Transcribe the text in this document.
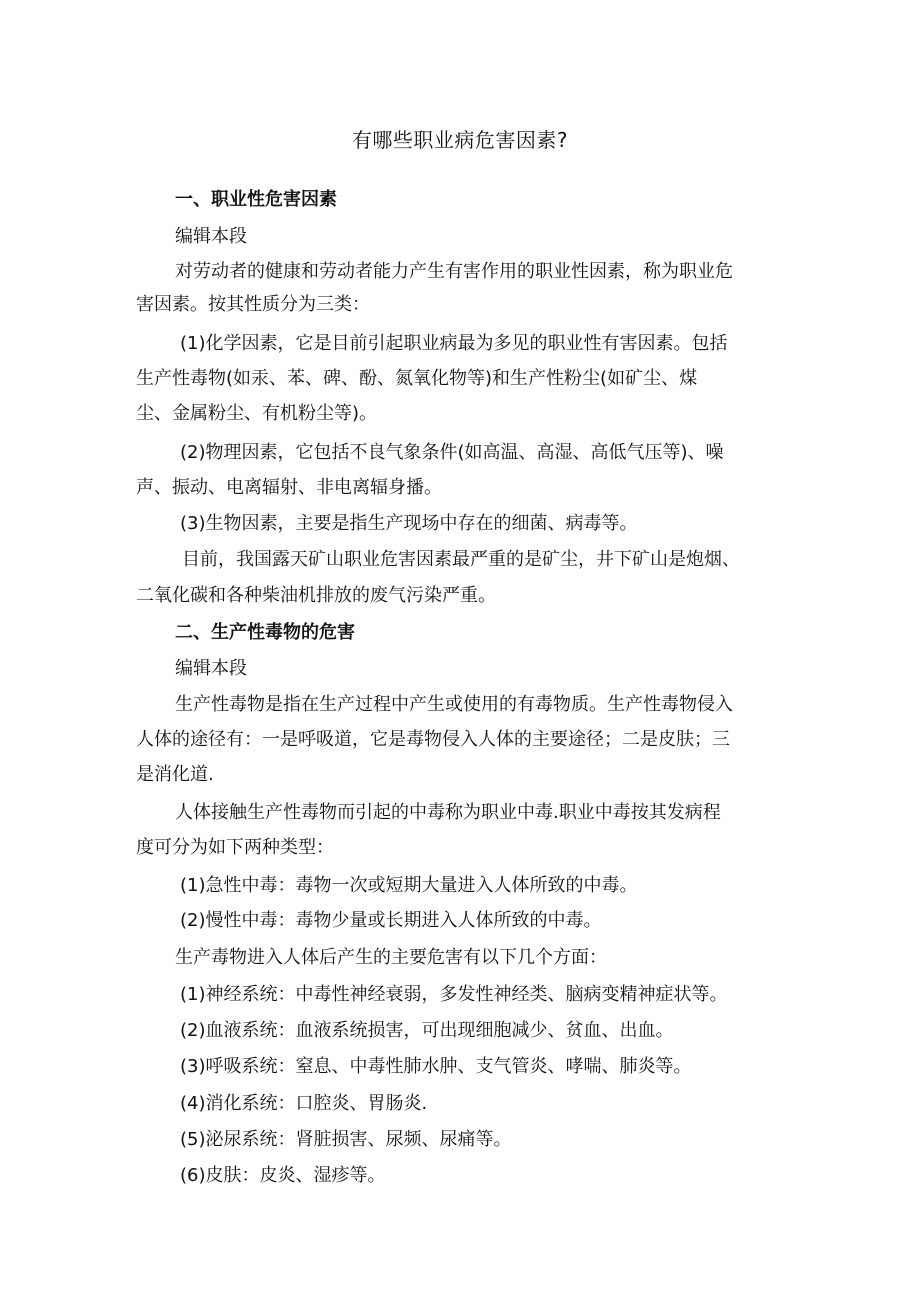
有哪些职业病危害因素?
一、职业性危害因素
编辑本段
对劳动者的健康和劳动者能力产生有害作用的职业性因素，称为职业危
害因素。按其性质分为三类：
(1)化学因素，它是目前引起职业病最为多见的职业性有害因素。包括
生产性毒物(如汞、苯、碑、酚、氮氧化物等)和生产性粉尘(如矿尘、煤
尘、金属粉尘、有机粉尘等)。
(2)物理因素，它包括不良气象条件(如高温、高湿、高低气压等)、噪
声、振动、电离辐射、非电离辐身播。
(3)生物因素，主要是指生产现场中存在的细菌、病毒等。
目前，我国露天矿山职业危害因素最严重的是矿尘，井下矿山是炮烟、
二氧化碳和各种柴油机排放的废气污染严重。
二、生产性毒物的危害
编辑本段
生产性毒物是指在生产过程中产生或使用的有毒物质。生产性毒物侵入
人体的途径有：一是呼吸道，它是毒物侵入人体的主要途径；二是皮肤；三
是消化道.
人体接触生产性毒物而引起的中毒称为职业中毒.职业中毒按其发病程
度可分为如下两种类型：
(1)急性中毒：毒物一次或短期大量进入人体所致的中毒。
(2)慢性中毒：毒物少量或长期进入人体所致的中毒。
生产毒物进入人体后产生的主要危害有以下几个方面：
(1)神经系统：中毒性神经衰弱，多发性神经类、脑病变精神症状等。
(2)血液系统：血液系统损害，可出现细胞减少、贫血、出血。
(3)呼吸系统：窒息、中毒性肺水肿、支气管炎、哮喘、肺炎等。
(4)消化系统：口腔炎、胃肠炎.
(5)泌尿系统：肾脏损害、尿频、尿痛等。
(6)皮肤：皮炎、湿疹等。
